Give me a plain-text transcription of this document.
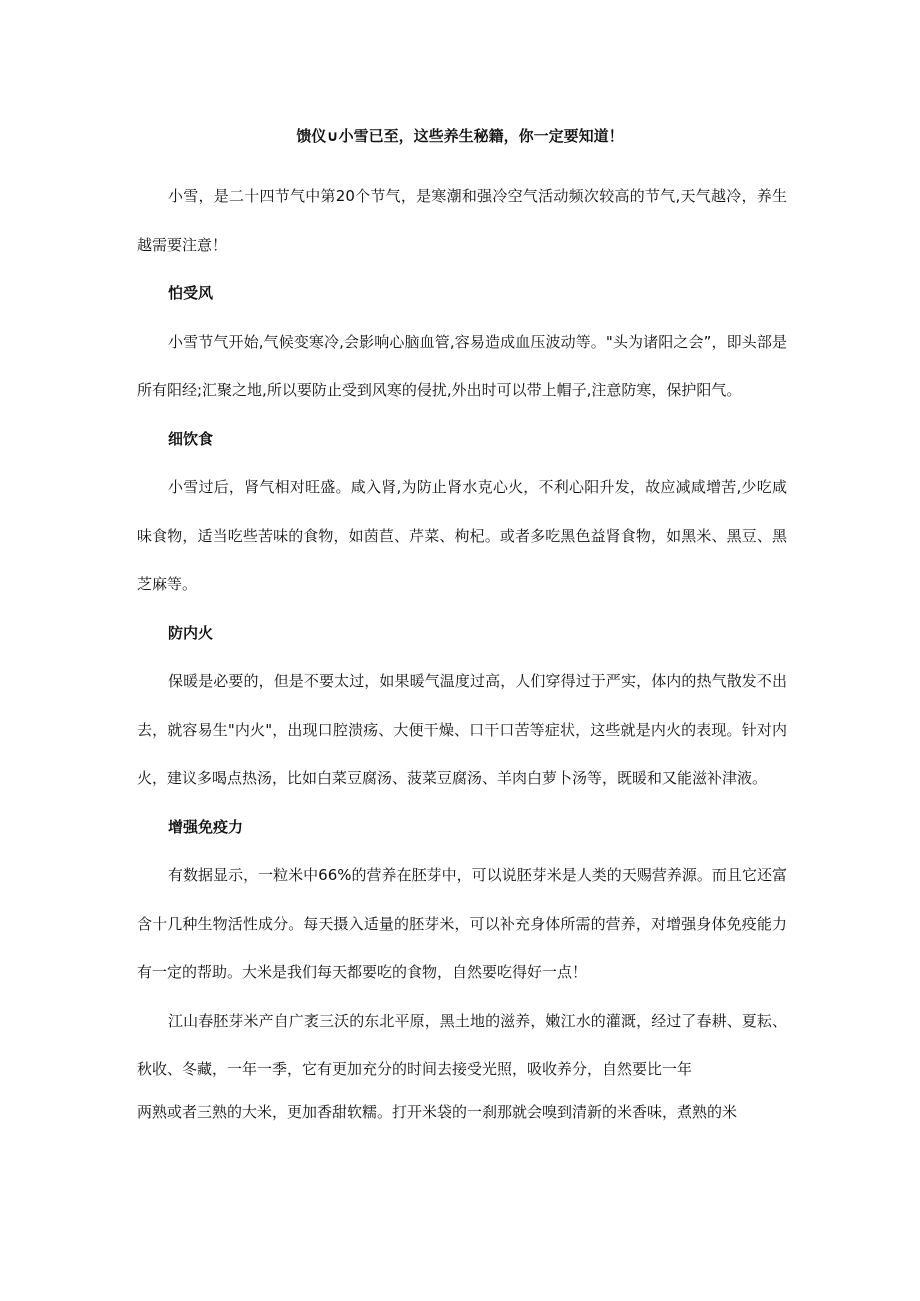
馈仪∪小雪已至，这些养生秘籍，你一定要知道！

小雪，是二十四节气中第20个节气，是寒潮和强冷空气活动频次较高的节气,天气越冷，养生越需要注意！

怕受风

小雪节气开始,气候变寒冷,会影响心脑血管,容易造成血压波动等。"头为诸阳之会”，即头部是所有阳经;汇聚之地,所以要防止受到风寒的侵扰,外出时可以带上帽子,注意防寒，保护阳气。

细饮食

小雪过后，肾气相对旺盛。咸入肾,为防止肾水克心火，不利心阳升发，故应减咸增苦,少吃咸味食物，适当吃些苦味的食物，如茵苣、芹菜、枸杞。或者多吃黑色益肾食物，如黑米、黑豆、黑芝麻等。

防内火

保暖是必要的，但是不要太过，如果暖气温度过高，人们穿得过于严实，体内的热气散发不出去，就容易生"内火"，出现口腔溃疡、大便干燥、口干口苦等症状，这些就是内火的表现。针对内火，建议多喝点热汤，比如白菜豆腐汤、菠菜豆腐汤、羊肉白萝卜汤等，既暖和又能滋补津液。

增强免疫力

有数据显示，一粒米中66%的营养在胚芽中，可以说胚芽米是人类的天赐营养源。而且它还富含十几种生物活性成分。每天摄入适量的胚芽米，可以补充身体所需的营养，对增强身体免疫能力有一定的帮助。大米是我们每天都要吃的食物，自然要吃得好一点！

江山春胚芽米产自广袤三沃的东北平原，黑土地的滋养，嫩江水的灌溉，经过了春耕、夏耘、秋收、冬藏，一年一季，它有更加充分的时间去接受光照，吸收养分，自然要比一年

两熟或者三熟的大米，更加香甜软糯。打开米袋的一刹那就会嗅到清新的米香味，煮熟的米
